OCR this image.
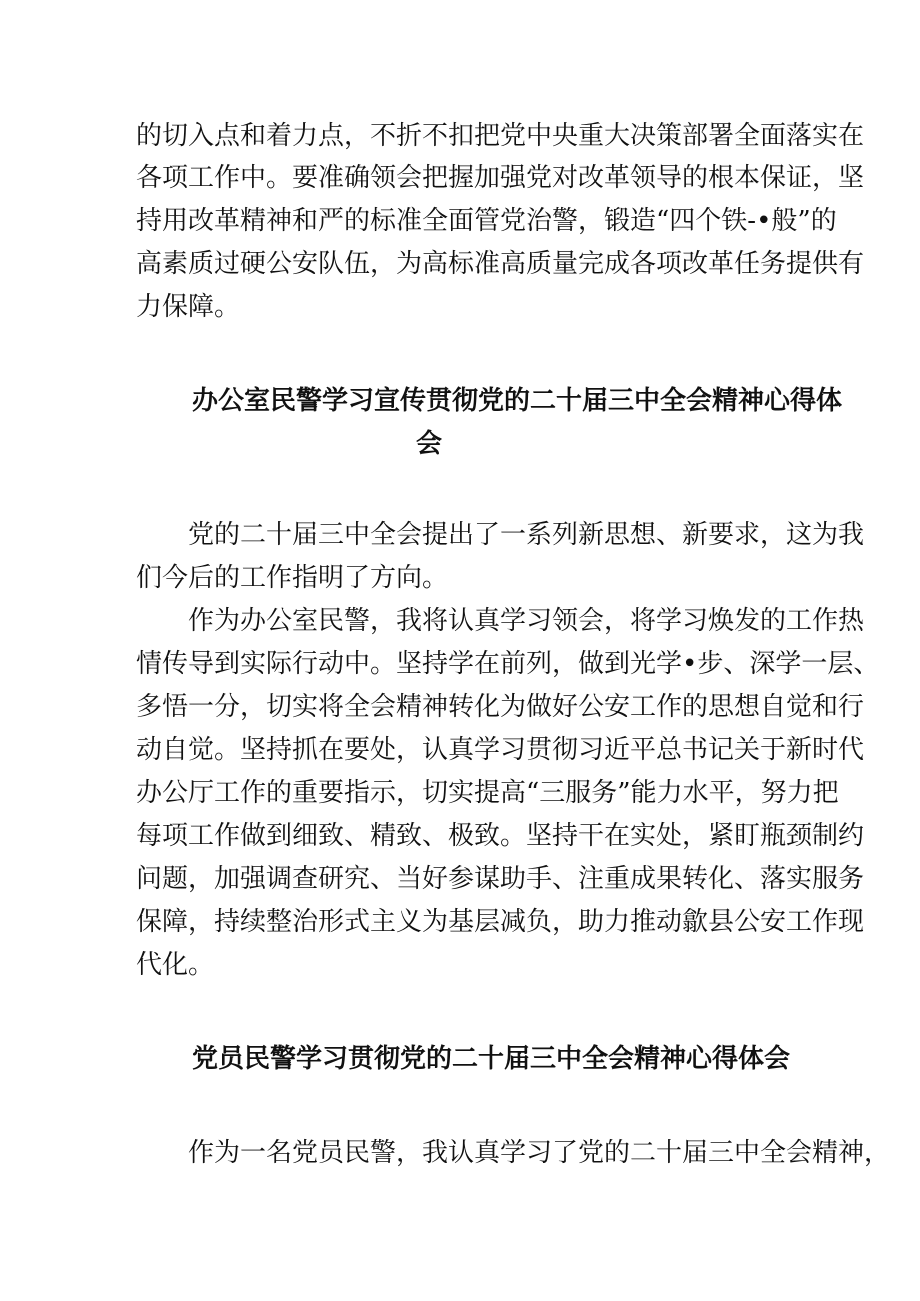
的切入点和着力点，不折不扣把党中央重大决策部署全面落实在
各项工作中。要准确领会把握加强党对改革领导的根本保证，坚
持用改革精神和严的标准全面管党治警，锻造“四个铁-•般”的
高素质过硬公安队伍，为高标准高质量完成各项改革任务提供有
力保障。
办公室民警学习宣传贯彻党的二十届三中全会精神心得体
会
党的二十届三中全会提出了一系列新思想、新要求，这为我
们今后的工作指明了方向。
作为办公室民警，我将认真学习领会，将学习焕发的工作热
情传导到实际行动中。坚持学在前列，做到光学•步、深学一层、
多悟一分，切实将全会精神转化为做好公安工作的思想自觉和行
动自觉。坚持抓在要处，认真学习贯彻习近平总书记关于新时代
办公厅工作的重要指示，切实提高“三服务”能力水平，努力把
每项工作做到细致、精致、极致。坚持干在实处，紧盯瓶颈制约
问题，加强调查研究、当好参谋助手、注重成果转化、落实服务
保障，持续整治形式主义为基层减负，助力推动歙县公安工作现
代化。
党员民警学习贯彻党的二十届三中全会精神心得体会
作为一名党员民警，我认真学习了党的二十届三中全会精神，
